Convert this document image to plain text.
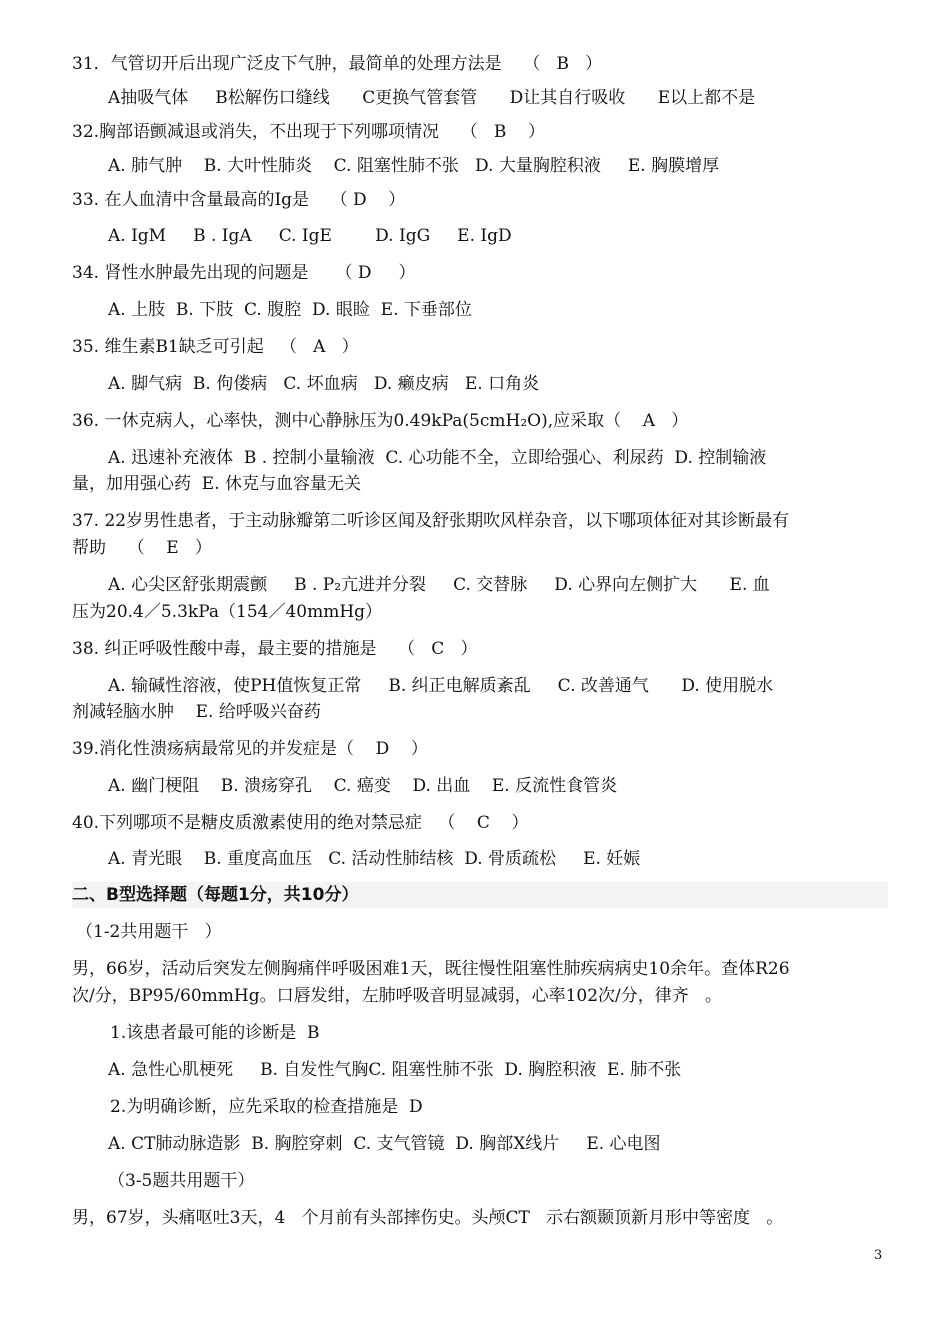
31．气管切开后出现广泛皮下气肿，最简单的处理方法是    （   B   ）
A抽吸气体     B松解伤口缝线      C更换气管套管      D让其自行吸收      E以上都不是
32.胸部语颤减退或消失，不出现于下列哪项情况    （   B    ）
A. 肺气肿    B. 大叶性肺炎    C. 阻塞性肺不张   D. 大量胸腔积液     E. 胸膜增厚
33. 在人血清中含量最高的Ig是    （ D    ）
A. IgM     B . IgA     C. IgE        D. IgG     E. IgD
34. 肾性水肿最先出现的问题是     （ D     ）
A. 上肢  B. 下肢  C. 腹腔  D. 眼睑  E. 下垂部位
35. 维生素B1缺乏可引起   （   A   ）
A. 脚气病  B. 佝偻病   C. 坏血病   D. 癞皮病   E. 口角炎
36. 一休克病人，心率快，测中心静脉压为0.49kPa(5cmH₂O),应采取（    A   ）
A. 迅速补充液体  B . 控制小量输液  C. 心功能不全，立即给强心、利尿药  D. 控制输液
量，加用强心药  E. 休克与血容量无关
37. 22岁男性患者，于主动脉瓣第二听诊区闻及舒张期吹风样杂音，以下哪项体征对其诊断最有
帮助    （    E   ）
A. 心尖区舒张期震颤     B . P₂亢进并分裂     C. 交替脉     D. 心界向左侧扩大      E. 血
压为20.4／5.3kPa（154／40mmHg）
38. 纠正呼吸性酸中毒，最主要的措施是    （   C   ）
A. 输碱性溶液，使PH值恢复正常     B. 纠正电解质紊乱     C. 改善通气      D. 使用脱水
剂减轻脑水肿    E. 给呼吸兴奋药
39.消化性溃疡病最常见的并发症是（    D    ）
A. 幽门梗阻    B. 溃疡穿孔    C. 癌变    D. 出血    E. 反流性食管炎
40.下列哪项不是糖皮质激素使用的绝对禁忌症   （    C    ）
A. 青光眼    B. 重度高血压   C. 活动性肺结核  D. 骨质疏松     E. 妊娠
二、B型选择题（每题1分，共10分）
（1-2共用题干   ）
男，66岁，活动后突发左侧胸痛伴呼吸困难1天，既往慢性阻塞性肺疾病病史10余年。查体R26
次/分，BP95/60mmHg。口唇发绀，左肺呼吸音明显减弱，心率102次/分，律齐   。
1.该患者最可能的诊断是  B
A. 急性心肌梗死     B. 自发性气胸C. 阻塞性肺不张  D. 胸腔积液  E. 肺不张
2.为明确诊断，应先采取的检查措施是  D
A. CT肺动脉造影  B. 胸腔穿刺  C. 支气管镜  D. 胸部X线片     E. 心电图
（3-5题共用题干）
男，67岁，头痛呕吐3天，4   个月前有头部摔伤史。头颅CT   示右额颞顶新月形中等密度   。
3
